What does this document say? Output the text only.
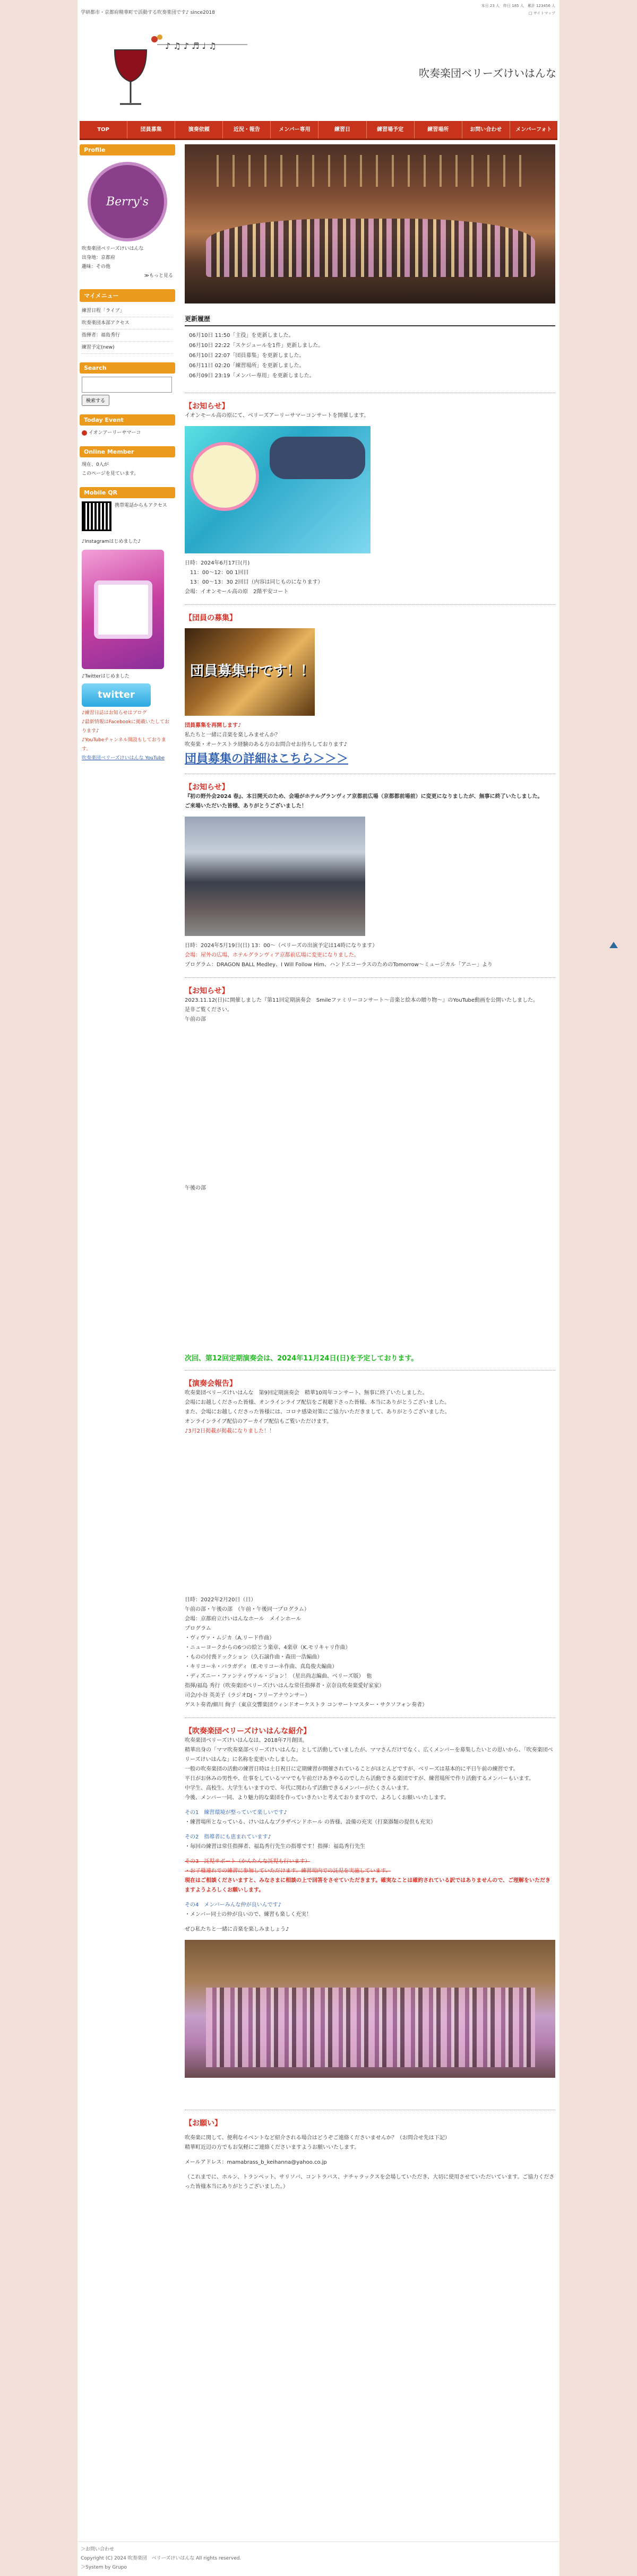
学研都市・京都府精華町で活動する吹奏楽団です♪ since2018
本日 23 人　昨日 185 人　累計 123456 人
□ サイトマップ
♪ ♫ ♪ ♬ ♩ ♫
吹奏楽団ベリーズけいはんな
TOP	団員募集	演奏依頼	近況・報告	メンバー専用	練習日	練習場予定	練習場所	お問い合わせ	メンバーフォト
Profile
Berry's
吹奏楽団ベリーズけいはんな
出身地：京都府
趣味：その他
≫もっと見る
マイメニュー
練習日程「ライブ」
吹奏楽団本部アクセス
指揮者：福島秀行
練習予定(new)
Search
検索する
Today Event
イオンアーリーサマーコ
Online Member
現在、0人が
このページを見ています。
Mobile QR
携帯電話からもアクセス
♪Instagramはじめました♪
♪Twitterはじめました
twitter
♪練習日誌はお知らせはブログ
♪最新情報はFacebookに掲載いたしております♪
♪YouTubeチャンネル開設もしております。
吹奏楽団ベリーズけいはんな YouTube
更新履歴
06月10日 11:50「主役」を更新しました。
06月10日 22:22「スケジュールを1件」更新しました。
06月10日 22:07「団員募集」を更新しました。
06月11日 02:20「練習場所」を更新しました。
06月09日 23:19「メンバー専用」を更新しました。
【お知らせ】
イオンモール高の原にて、ベリーズアーリーサマーコンサートを開催します。
日時：2024年6月17日(月)
　11：00〜12：00 1回目
　13：00〜13：30 2回目（内容は同じものになります）
会場：イオンモール高の原　2階平安コート
【団員の募集】
団員募集中です！！
団員募集を再開します♪
私たちと一緒に音楽を楽しみませんか？
吹奏楽・オーケストラ経験のある方のお問合せお待ちしております♪
団員募集の詳細はこちら＞＞＞
【お知らせ】
『初の野外会2024 春』、本日開天のため、会場がホテルグランヴィア京都前広場（京都都前場前）に変更になりましたが、無事に終了いたしました。
ご来場いただいた皆様、ありがとうございました！
日時：2024年5月19日(日) 13：00〜（ベリーズの出演予定は14時になります）
会場：屋外の広場、ホテルグランヴィア京都前広場に変更になりました。
プログラム：DRAGON BALL Medley、I Will Follow Him、ハンドエコーラスのためのTomorrow〜ミュージカル「アニー」より
【お知らせ】
2023.11.12(日)に開催しました『第11回定期演奏会　Smileファミリーコンサート〜音楽と絵本の贈り物〜』のYouTube動画を公開いたしました。
是非ご覧ください。
午前の部
午後の部
次回、第12回定期演奏会は、2024年11月24日(日)を予定しております。
【演奏会報告】
吹奏楽団ベリーズけいはんな　第9回定期演奏会　精華10周年コンサート、無事に終了いたしました。
会場にお越しくださった皆様、オンラインライブ配信をご視聴下さった皆様、本当にありがとうございました。
また、会場にお越しくださった皆様には、コロナ感染対策にご協力いただきまして、ありがとうございました。
オンラインライブ配信のアーカイブ配信もご覧いただけます。
♪3月2日掲載が掲載になりました！！
日時：2022年2月20日（日）
午前の部・午後の部　（午前・午後同一プログラム）
会場：京都府立けいはんなホール　メインホール
プログラム
・ヴィヴァ・ムジカ（A.リード作曲）
・ニューヨークからの6つの絵とう楽章、4楽章（K.モリキャリ作曲）
・ものの付喪ドックション（久石譲作曲・森田一浩編曲）
・キリコーネ・バラガディ（E.モリコーネ作曲、真島俊夫編曲）
・ディズニー・ファンティヴァル・ジョン！（星出尚志編曲、ベリーズ版）　他
指揮/福島 秀行（吹奏楽団ベリーズけいはんな常任指揮者・京奈良吹奏楽愛好家家）
司会/小谷 英美子（ラジオDJ・フリーアナウンサー）
ゲスト奏者/細川 絢子（東京交響楽団ウィンドオーケストラ コンサートマスター・サクソフォン奏者）
【吹奏楽団ベリーズけいはんな紹介】
吹奏楽団ベリーズけいはんなは、2018年7月創団。
精華出身の「ママ吹奏楽部ベリーズけいはんな」として活動していましたが、ママさんだけでなく、広くメンバーを募集したいとの思いから、「吹奏楽団ベリーズけいはんな」に名称を変更いたしました。
一般の吹奏楽団の活動の練習日時は土日祝日に定期練習が開催されていることがほとんどですが、ベリーズは基本的に平日午前の練習です。
平日がお休みの男性や、仕事をしているママでも午前だけあきやるのでしたら活動できる楽団ですが、練習場所で作り活動するメンバーもいます。
中学生、高校生、大学生もいますので、年代に関わらず活動できるメンバーがたくさんいます。
今後、メンバー一同、より魅力的な楽団を作っていきたいと考えておりますので、よろしくお願いいたします。
その1　練習環境が整っていて楽しいです♪
・練習場所となっている、けいはんなプラザベンドホール の皆様、設備の充実（打楽器類の提供も充実）
その2　指導者にも恵まれています♪
・毎回の練習は常任指揮者、福島秀行先生の指導です！指揮：福島秀行先生
その3　託児サポート（かんたんな託児も行います）
・お子様連れでの練習に参加していただけます。練習場内での託児を実施しています。
現在はご相談くださいますと、みなさまに相談の上で回答をさせていただきます。確実なことは確約されている訳ではありませんので、ご理解をいただきますようよろしくお願いします。
その4　メンバーみんな仲が良いんです♪
・メンバー同士の仲が良いので、練習も楽しく充実！
ぜひ私たちと一緒に音楽を楽しみましょう♪
【お願い】
吹奏楽に関して、便利なイベントなど紹介される場合はどうぞご連絡くださいませんか？（お問合せ先は下記）
精華町近辺の方でもお気軽にご連絡くださいますようお願いいたします。
メールアドレス：mamabrass_b_keihanna@yahoo.co.jp
（これまでに、ホルン、トランペット、サリソバ、コントラバス、ナチャラックスを会場していただき、大切に使用させていただいています。ご協力くださった皆様本当にありがとうございました。）
＞お問い合わせ
Copyright (C) 2024 吹奏楽団　ベリーズけいはんな All rights reserved.
＞System by Grupo
